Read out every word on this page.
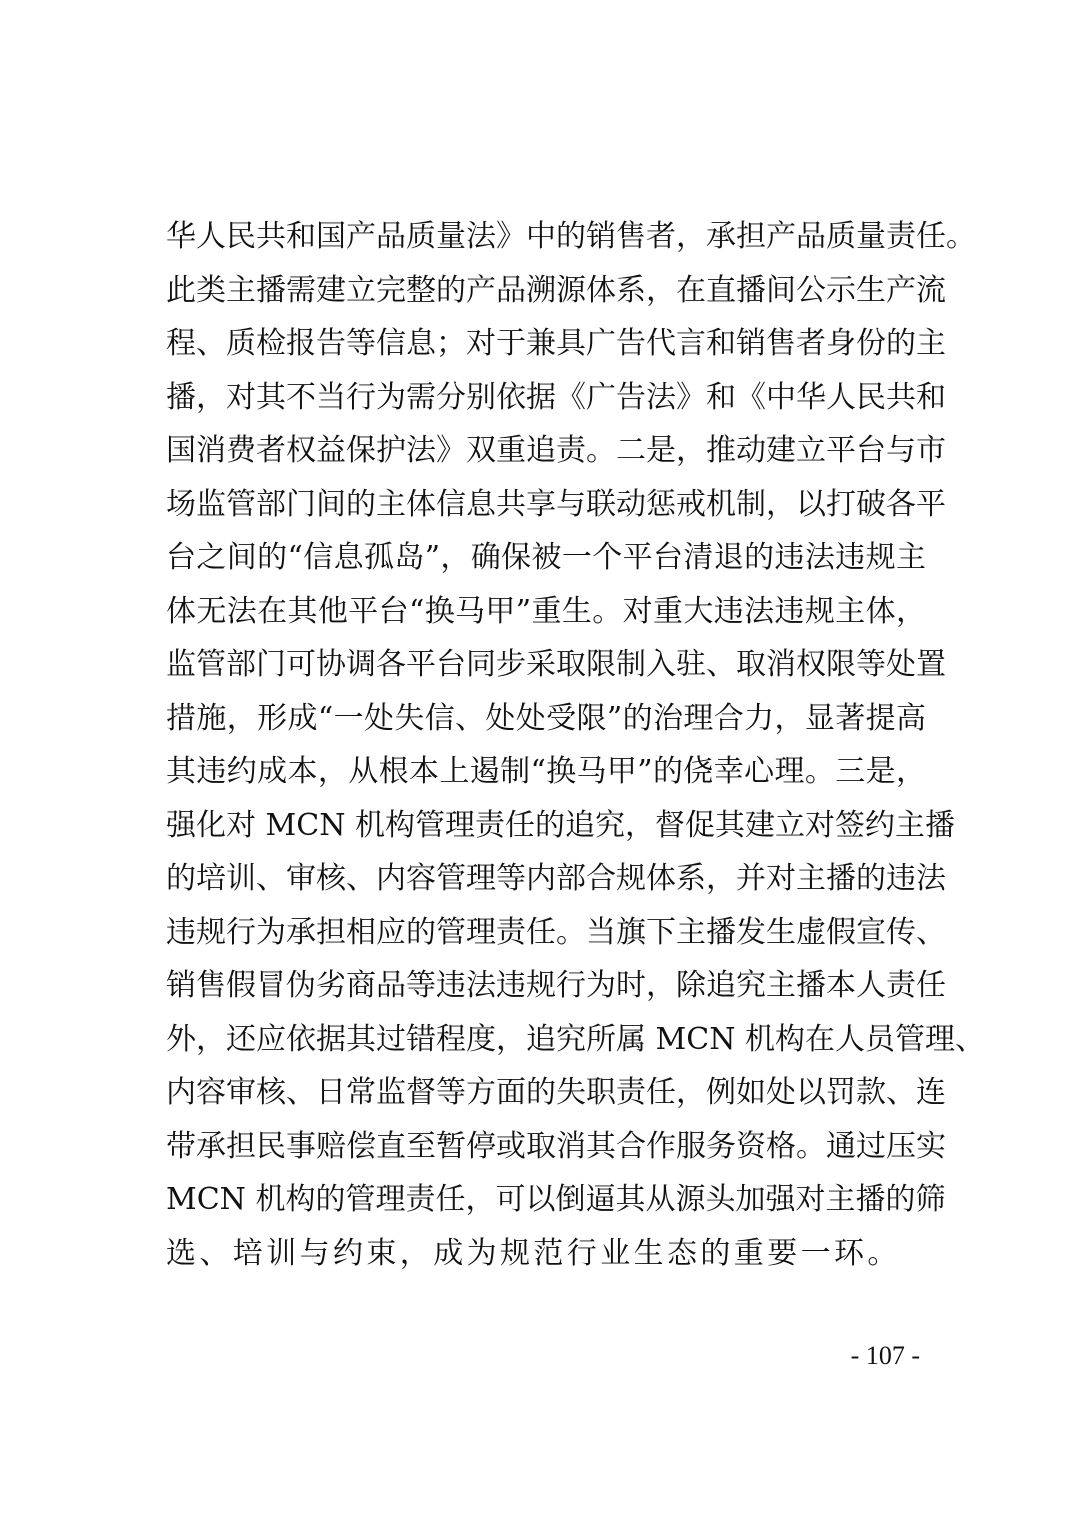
华人民共和国产品质量法》中的销售者，承担产品质量责任。
此类主播需建立完整的产品溯源体系，在直播间公示生产流
程、质检报告等信息；对于兼具广告代言和销售者身份的主
播，对其不当行为需分别依据《广告法》和《中华人民共和
国消费者权益保护法》双重追责。二是，推动建立平台与市
场监管部门间的主体信息共享与联动惩戒机制，以打破各平
台之间的“信息孤岛”，确保被一个平台清退的违法违规主
体无法在其他平台“换马甲”重生。对重大违法违规主体，
监管部门可协调各平台同步采取限制入驻、取消权限等处置
措施，形成“一处失信、处处受限”的治理合力，显著提高
其违约成本，从根本上遏制“换马甲”的侥幸心理。三是，
强化对 MCN 机构管理责任的追究，督促其建立对签约主播
的培训、审核、内容管理等内部合规体系，并对主播的违法
违规行为承担相应的管理责任。当旗下主播发生虚假宣传、
销售假冒伪劣商品等违法违规行为时，除追究主播本人责任
外，还应依据其过错程度，追究所属 MCN 机构在人员管理、
内容审核、日常监督等方面的失职责任，例如处以罚款、连
带承担民事赔偿直至暂停或取消其合作服务资格。通过压实
MCN 机构的管理责任，可以倒逼其从源头加强对主播的筛
选、培训与约束，成为规范行业生态的重要一环。
- 107 -
